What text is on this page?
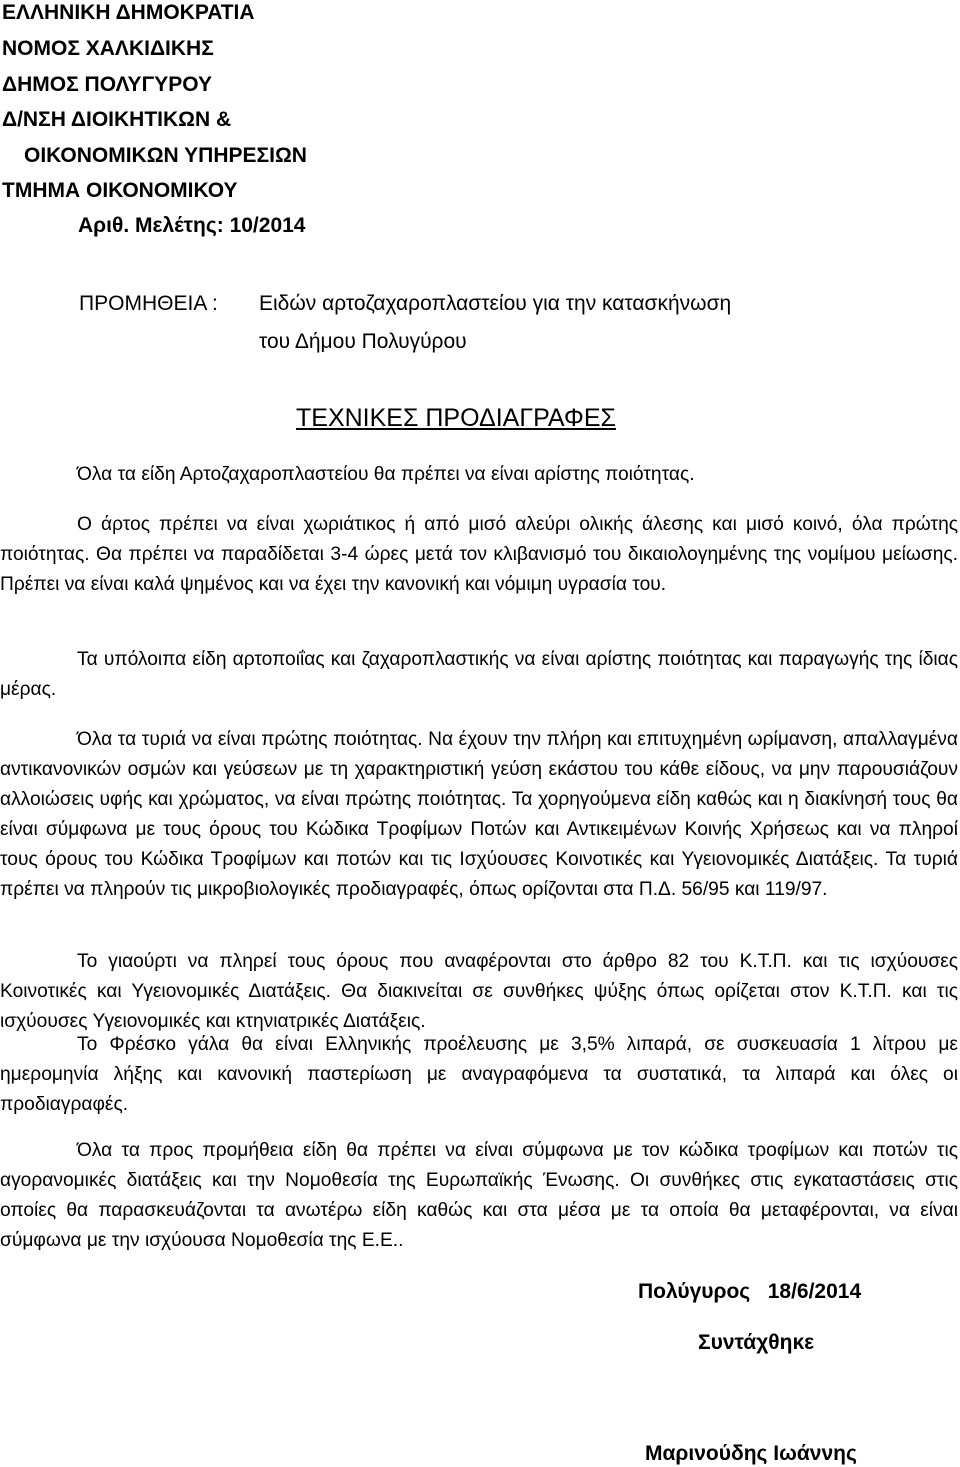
ΕΛΛΗΝΙΚΗ ΔΗΜΟΚΡΑΤΙΑ
ΝΟΜΟΣ ΧΑΛΚΙΔΙΚΗΣ
ΔΗΜΟΣ ΠΟΛΥΓΥΡΟΥ
Δ/ΝΣΗ ΔΙΟΙΚΗΤΙΚΩΝ &
ΟΙΚΟΝΟΜΙΚΩΝ ΥΠΗΡΕΣΙΩΝ
ΤΜΗΜΑ ΟΙΚΟΝΟΜΙΚΟΥ
Αριθ. Μελέτης: 10/2014
ΠΡΟΜΗΘΕΙΑ : Ειδών αρτοζαχαροπλαστείου για την κατασκήνωση
του Δήμου Πολυγύρου
ΤΕΧΝΙΚΕΣ ΠΡΟΔΙΑΓΡΑΦΕΣ

Όλα τα είδη Αρτοζαχαροπλαστείου θα πρέπει να είναι αρίστης ποιότητας.

Ο άρτος πρέπει να είναι χωριάτικος ή από μισό αλεύρι ολικής άλεσης και μισό κοινό, όλα πρώτης ποιότητας. Θα πρέπει να παραδίδεται 3-4 ώρες μετά τον κλιβανισμό του δικαιολογημένης της νομίμου μείωσης. Πρέπει να είναι καλά ψημένος και να έχει την κανονική και νόμιμη υγρασία του.

Τα υπόλοιπα είδη αρτοποιΐας και ζαχαροπλαστικής να είναι αρίστης ποιότητας και παραγωγής της ίδιας μέρας.

Όλα τα τυριά να είναι πρώτης ποιότητας. Να έχουν την πλήρη και επιτυχημένη ωρίμανση, απαλλαγμένα αντικανονικών οσμών και γεύσεων με τη χαρακτηριστική γεύση εκάστου του κάθε είδους, να μην παρουσιάζουν αλλοιώσεις υφής και χρώματος, να είναι πρώτης ποιότητας. Τα χορηγούμενα είδη καθώς και η διακίνησή τους θα είναι σύμφωνα με τους όρους του Κώδικα Τροφίμων Ποτών και Αντικειμένων Κοινής Χρήσεως και να πληροί τους όρους του Κώδικα Τροφίμων και ποτών και τις Ισχύουσες Κοινοτικές και Υγειονομικές Διατάξεις. Τα τυριά πρέπει να πληρούν τις μικροβιολογικές προδιαγραφές, όπως ορίζονται στα Π.Δ. 56/95 και 119/97.

Το γιαούρτι να πληρεί τους όρους που αναφέρονται στο άρθρο 82 του Κ.Τ.Π. και τις ισχύουσες Κοινοτικές και Υγειονομικές Διατάξεις. Θα διακινείται σε συνθήκες ψύξης όπως ορίζεται στον Κ.Τ.Π. και τις ισχύουσες Υγειονομικές και κτηνιατρικές Διατάξεις.

Το Φρέσκο γάλα θα είναι Ελληνικής προέλευσης με 3,5% λιπαρά, σε συσκευασία 1 λίτρου με ημερομηνία λήξης και κανονική παστερίωση με αναγραφόμενα τα συστατικά, τα λιπαρά και όλες οι προδιαγραφές.

Όλα τα προς προμήθεια είδη θα πρέπει να είναι σύμφωνα με τον κώδικα τροφίμων και ποτών τις αγορανομικές διατάξεις και την Νομοθεσία της Ευρωπαϊκής Ένωσης. Οι συνθήκες στις εγκαταστάσεις στις οποίες θα παρασκευάζονται τα ανωτέρω είδη καθώς και στα μέσα με τα οποία θα μεταφέρονται, να είναι σύμφωνα με την ισχύουσα Νομοθεσία της Ε.Ε..

Πολύγυρος   18/6/2014
Συντάχθηκε
Μαρινούδης Ιωάννης
